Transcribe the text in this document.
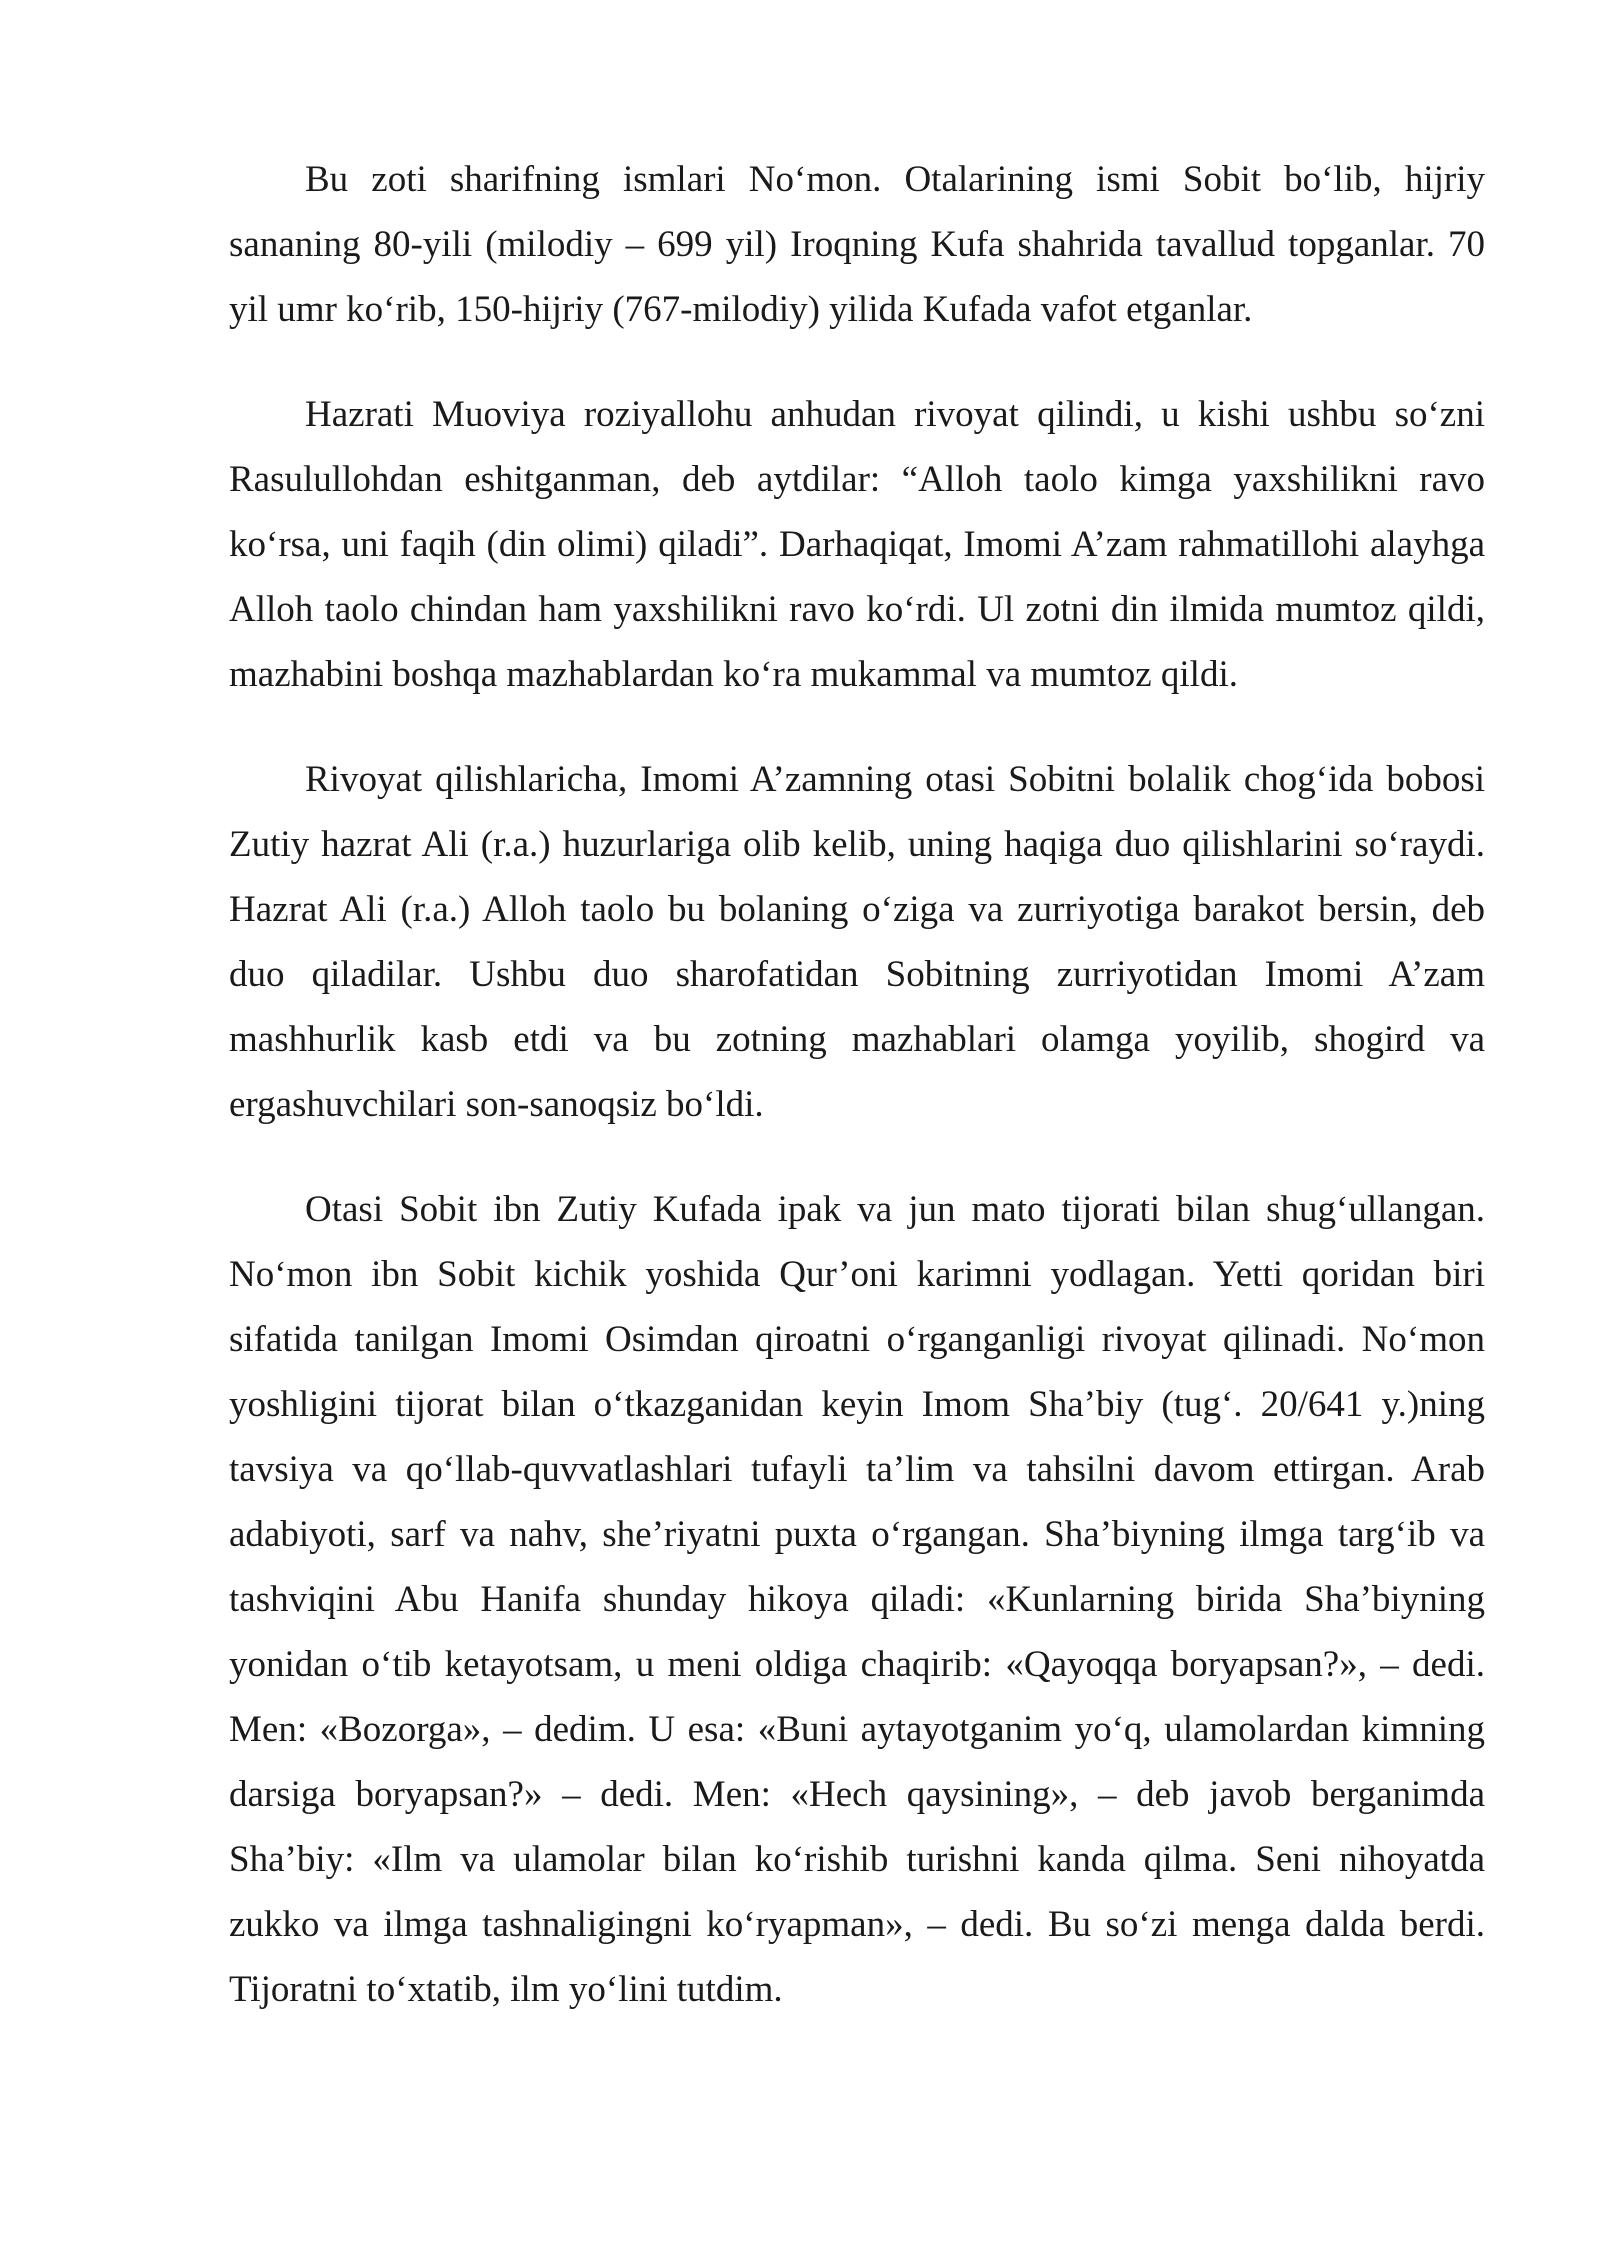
Bu zoti sharifning ismlari No‘mon. Otalarining ismi Sobit bo‘lib, hijriy sananing 80-yili (milodiy – 699 yil) Iroqning Kufa shahrida tavallud topganlar. 70 yil umr ko‘rib, 150-hijriy (767-milodiy) yilida Kufada vafot etganlar.

Hazrati Muoviya roziyallohu anhudan rivoyat qilindi, u kishi ushbu so‘zni Rasulullohdan eshitganman, deb aytdilar: “Alloh taolo kimga yaxshilikni ravo ko‘rsa, uni faqih (din olimi) qiladi”. Darhaqiqat, Imomi A’zam rahmatillohi alayhga Alloh taolo chindan ham yaxshilikni ravo ko‘rdi. Ul zotni din ilmida mumtoz qildi, mazhabini boshqa mazhablardan ko‘ra mukammal va mumtoz qildi.

Rivoyat qilishlaricha, Imomi A’zamning otasi Sobitni bolalik chog‘ida bobosi Zutiy hazrat Ali (r.a.) huzurlariga olib kelib, uning haqiga duo qilishlarini so‘raydi. Hazrat Ali (r.a.) Alloh taolo bu bolaning o‘ziga va zurriyotiga barakot bersin, deb duo qiladilar. Ushbu duo sharofatidan Sobitning zurriyotidan Imomi A’zam mashhurlik kasb etdi va bu zotning mazhablari olamga yoyilib, shogird va ergashuvchilari son-sanoqsiz bo‘ldi.

Otasi Sobit ibn Zutiy Kufada ipak va jun mato tijorati bilan shug‘ullangan. No‘mon ibn Sobit kichik yoshida Qur’oni karimni yodlagan. Yetti qoridan biri sifatida tanilgan Imomi Osimdan qiroatni o‘rganganligi rivoyat qilinadi. No‘mon yoshligini tijorat bilan o‘tkazganidan keyin Imom Sha’biy (tug‘. 20/641 y.)ning tavsiya va qo‘llab-quvvatlashlari tufayli ta’lim va tahsilni davom ettirgan. Arab adabiyoti, sarf va nahv, she’riyatni puxta o‘rgangan. Sha’biyning ilmga targ‘ib va tashviqini Abu Hanifa shunday hikoya qiladi: «Kunlarning birida Sha’biyning yonidan o‘tib ketayotsam, u meni oldiga chaqirib: «Qayoqqa boryapsan?», – dedi. Men: «Bozorga», – dedim. U esa: «Buni aytayotganim yo‘q, ulamolardan kimning darsiga boryapsan?» – dedi. Men: «Hech qaysining», – deb javob berganimda Sha’biy: «Ilm va ulamolar bilan ko‘rishib turishni kanda qilma. Seni nihoyatda zukko va ilmga tashnaligingni ko‘ryapman», – dedi. Bu so‘zi menga dalda berdi. Tijoratni to‘xtatib, ilm yo‘lini tutdim.
